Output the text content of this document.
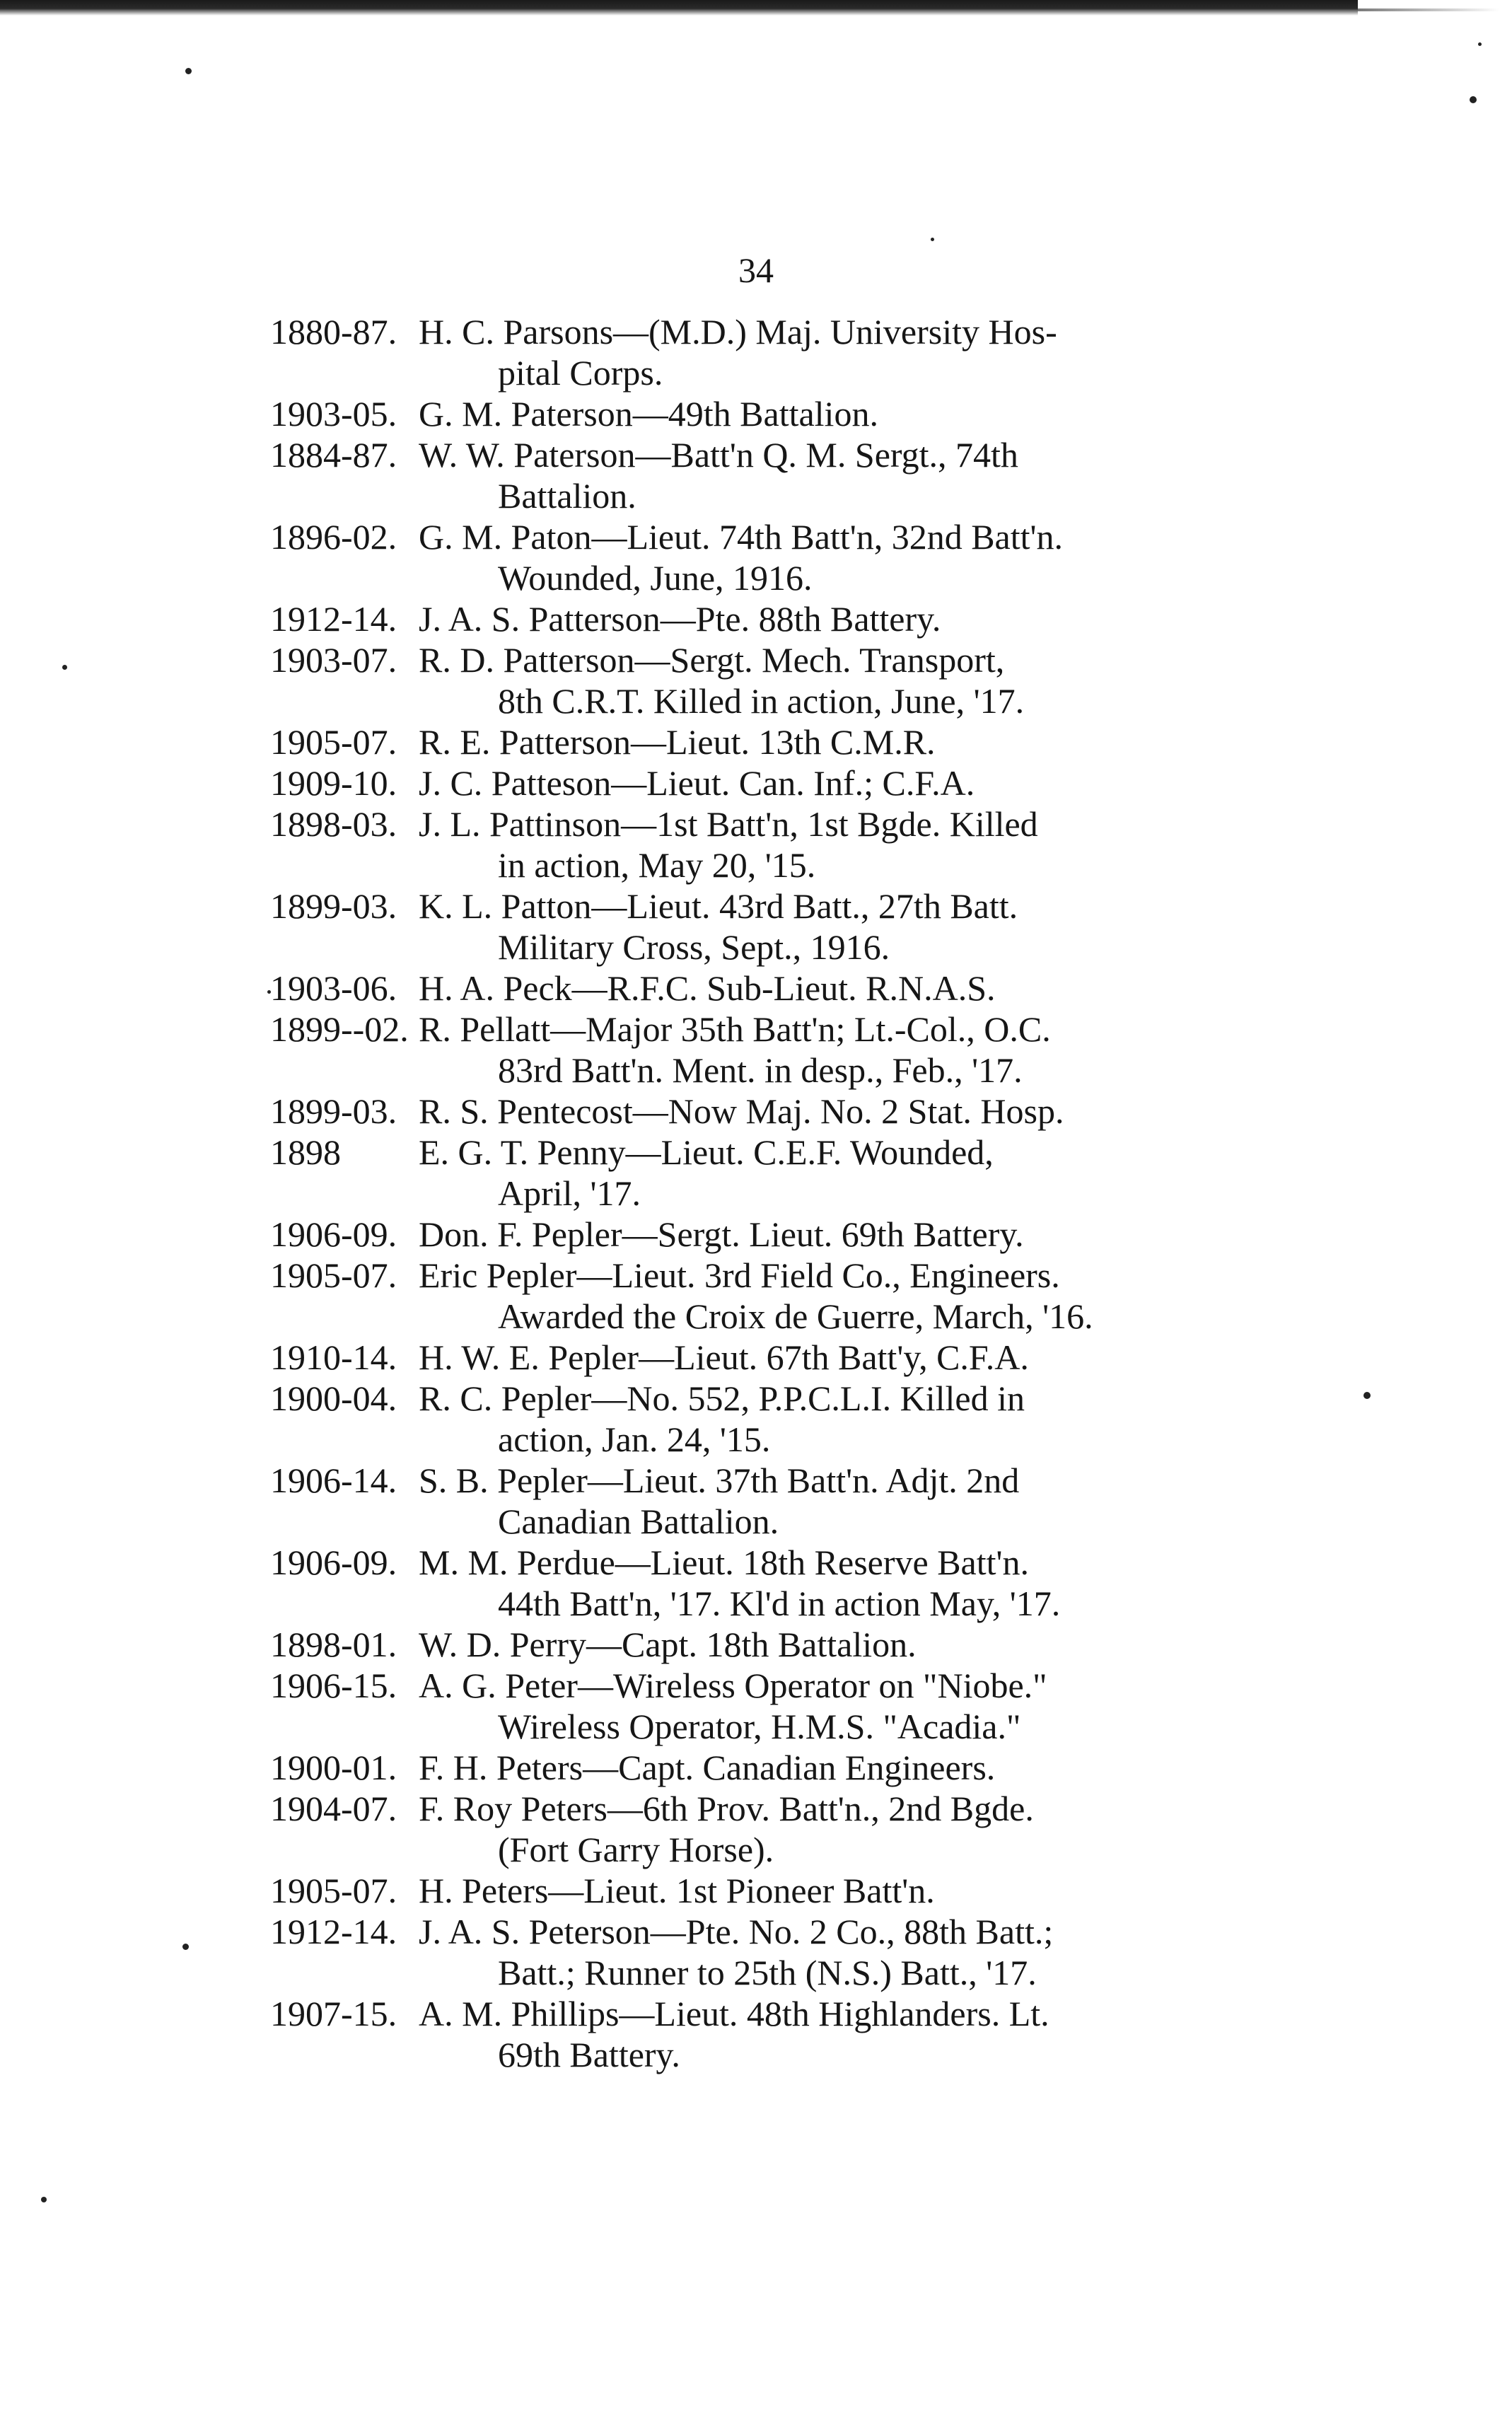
34
1880-87. H. C. Parsons—(M.D.) Maj. University Hos-
pital Corps.
1903-05. G. M. Paterson—49th Battalion.
1884-87. W. W. Paterson—Batt'n Q. M. Sergt., 74th
Battalion.
1896-02. G. M. Paton—Lieut. 74th Batt'n, 32nd Batt'n.
Wounded, June, 1916.
1912-14. J. A. S. Patterson—Pte. 88th Battery.
1903-07. R. D. Patterson—Sergt. Mech. Transport,
8th C.R.T. Killed in action, June, '17.
1905-07. R. E. Patterson—Lieut. 13th C.M.R.
1909-10. J. C. Patteson—Lieut. Can. Inf.; C.F.A.
1898-03. J. L. Pattinson—1st Batt'n, 1st Bgde. Killed
in action, May 20, '15.
1899-03. K. L. Patton—Lieut. 43rd Batt., 27th Batt.
Military Cross, Sept., 1916.
1903-06. H. A. Peck—R.F.C. Sub-Lieut. R.N.A.S.
1899--02. R. Pellatt—Major 35th Batt'n; Lt.-Col., O.C.
83rd Batt'n. Ment. in desp., Feb., '17.
1899-03. R. S. Pentecost—Now Maj. No. 2 Stat. Hosp.
1898 E. G. T. Penny—Lieut. C.E.F. Wounded,
April, '17.
1906-09. Don. F. Pepler—Sergt. Lieut. 69th Battery.
1905-07. Eric Pepler—Lieut. 3rd Field Co., Engineers.
Awarded the Croix de Guerre, March, '16.
1910-14. H. W. E. Pepler—Lieut. 67th Batt'y, C.F.A.
1900-04. R. C. Pepler—No. 552, P.P.C.L.I. Killed in
action, Jan. 24, '15.
1906-14. S. B. Pepler—Lieut. 37th Batt'n. Adjt. 2nd
Canadian Battalion.
1906-09. M. M. Perdue—Lieut. 18th Reserve Batt'n.
44th Batt'n, '17. Kl'd in action May, '17.
1898-01. W. D. Perry—Capt. 18th Battalion.
1906-15. A. G. Peter—Wireless Operator on "Niobe."
Wireless Operator, H.M.S. "Acadia."
1900-01. F. H. Peters—Capt. Canadian Engineers.
1904-07. F. Roy Peters—6th Prov. Batt'n., 2nd Bgde.
(Fort Garry Horse).
1905-07. H. Peters—Lieut. 1st Pioneer Batt'n.
1912-14. J. A. S. Peterson—Pte. No. 2 Co., 88th Batt.;
Batt.; Runner to 25th (N.S.) Batt., '17.
1907-15. A. M. Phillips—Lieut. 48th Highlanders. Lt.
69th Battery.
